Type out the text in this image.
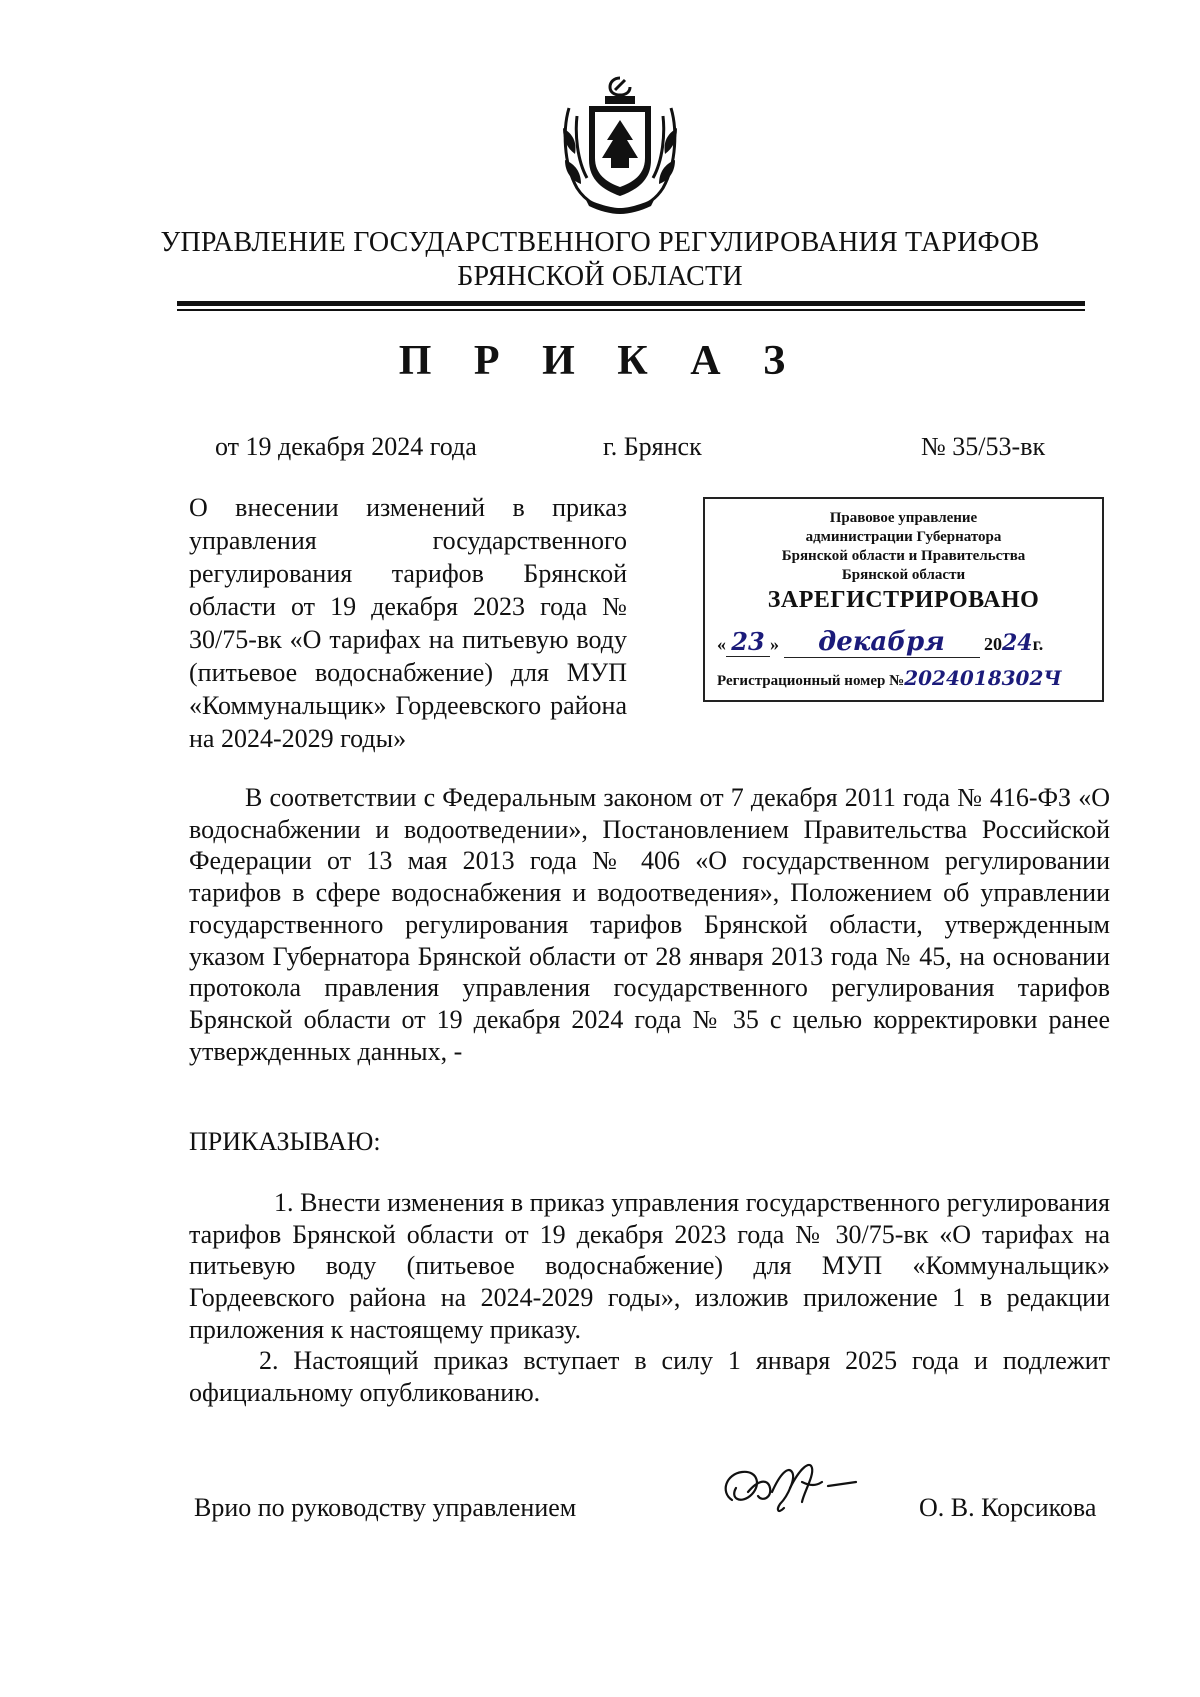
УПРАВЛЕНИЕ ГОСУДАРСТВЕННОГО РЕГУЛИРОВАНИЯ ТАРИФОВ
БРЯНСКОЙ ОБЛАСТИ
П Р И К А З
от 19 декабря 2024 года	г. Брянск	№ 35/53-вк
О внесении изменений в приказ управления государственного регулирования тарифов Брянской области от 19 декабря 2023 года № 30/75-вк «О тарифах на питьевую воду (питьевое водоснабжение) для МУП «Коммунальщик» Гордеевского района на 2024-2029 годы»
Правовое управление
администрации Губернатора
Брянской области и Правительства
Брянской области
ЗАРЕГИСТРИРОВАНО
« 23 » декабря 2024г.
Регистрационный номер №2024018302Ч
В соответствии с Федеральным законом от 7 декабря 2011 года № 416-ФЗ «О водоснабжении и водоотведении», Постановлением Правительства Российской Федерации от 13 мая 2013 года № 406 «О государственном регулировании тарифов в сфере водоснабжения и водоотведения», Положением об управлении государственного регулирования тарифов Брянской области, утвержденным указом Губернатора Брянской области от 28 января 2013 года № 45, на основании протокола правления управления государственного регулирования тарифов Брянской области от 19 декабря 2024 года № 35 с целью корректировки ранее утвержденных данных, -
ПРИКАЗЫВАЮ:
1. Внести изменения в приказ управления государственного регулирования тарифов Брянской области от 19 декабря 2023 года № 30/75-вк «О тарифах на питьевую воду (питьевое водоснабжение) для МУП «Коммунальщик» Гордеевского района на 2024-2029 годы», изложив приложение 1 в редакции приложения к настоящему приказу.
2. Настоящий приказ вступает в силу 1 января 2025 года и подлежит официальному опубликованию.
Врио по руководству управлением	О. В. Корсикова
